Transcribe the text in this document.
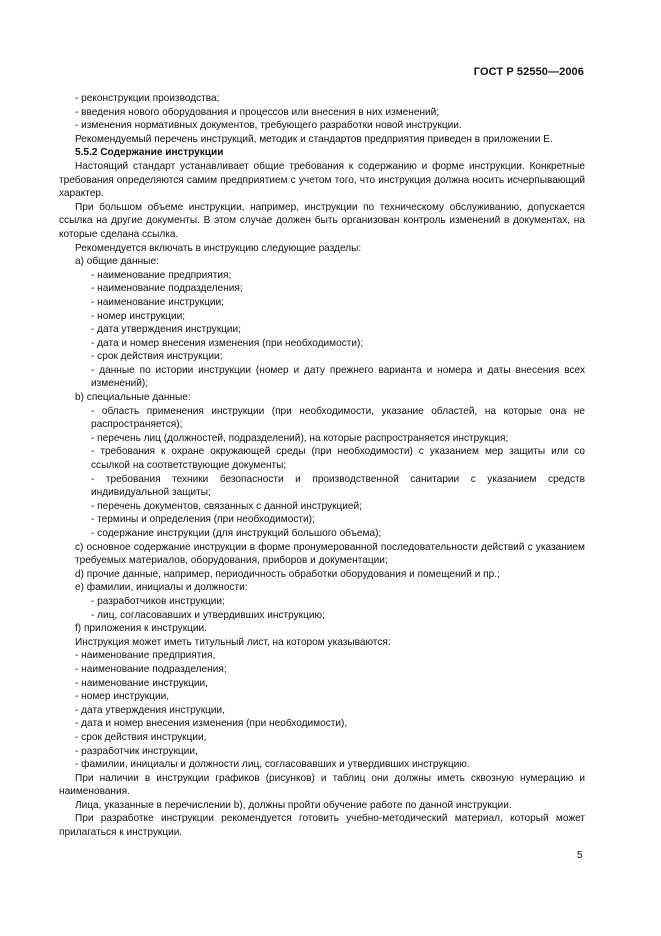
ГОСТ Р 52550—2006

- реконструкции производства;

- введения нового оборудования и процессов или внесения в них изменений;

- изменения нормативных документов, требующего разработки новой инструкции.

Рекомендуемый перечень инструкций, методик и стандартов предприятия приведен в приложении Е.

5.5.2 Содержание инструкции

Настоящий стандарт устанавливает общие требования к содержанию и форме инструкции. Конкретные требования определяются самим предприятием с учетом того, что инструкция должна носить исчерпывающий характер.

При большом объеме инструкции, например, инструкции по техническому обслуживанию, допускается ссылка на другие документы. В этом случае должен быть организован контроль изменений в документах, на которые сделана ссылка.

Рекомендуется включать в инструкцию следующие разделы:

а) общие данные:

- наименование предприятия;

- наименование подразделения;

- наименование инструкции;

- номер инструкции;

- дата утверждения инструкции;

- дата и номер внесения изменения (при необходимости);

- срок действия инструкции;

- данные по истории инструкции (номер и дату прежнего варианта и номера и даты внесения всех изменений);

b) специальные данные:

- область применения инструкции (при необходимости, указание областей, на которые она не распространяется);

- перечень лиц (должностей, подразделений), на которые распространяется инструкция;

- требования к охране окружающей среды (при необходимости) с указанием мер защиты или со ссылкой на соответствующие документы;

- требования техники безопасности и производственной санитарии с указанием средств индивидуальной защиты;

- перечень документов, связанных с данной инструкцией;

- термины и определения (при необходимости);

- содержание инструкции (для инструкций большого объема);

с) основное содержание инструкции в форме пронумерованной последовательности действий с указанием требуемых материалов, оборудования, приборов и документации;

d) прочие данные, например, периодичность обработки оборудования и помещений и пр.;

е) фамилии, инициалы и должности:

- разработчиков инструкции;

- лиц, согласовавших и утвердивших инструкцию;

f) приложения к инструкции.

Инструкция может иметь титульный лист, на котором указываются:

- наименование предприятия,

- наименование подразделения;

- наименование инструкции,

- номер инструкции,

- дата утверждения инструкции,

- дата и номер внесения изменения (при необходимости),

- срок действия инструкции,

- разработчик инструкции,

- фамилии, инициалы и должности лиц, согласовавших и утвердивших инструкцию.

При наличии в инструкции графиков (рисунков) и таблиц они должны иметь сквозную нумерацию и наименования.

Лица, указанные в перечислении b), должны пройти обучение работе по данной инструкции.

При разработке инструкции рекомендуется готовить учебно-методический материал, который может прилагаться к инструкции.

5
